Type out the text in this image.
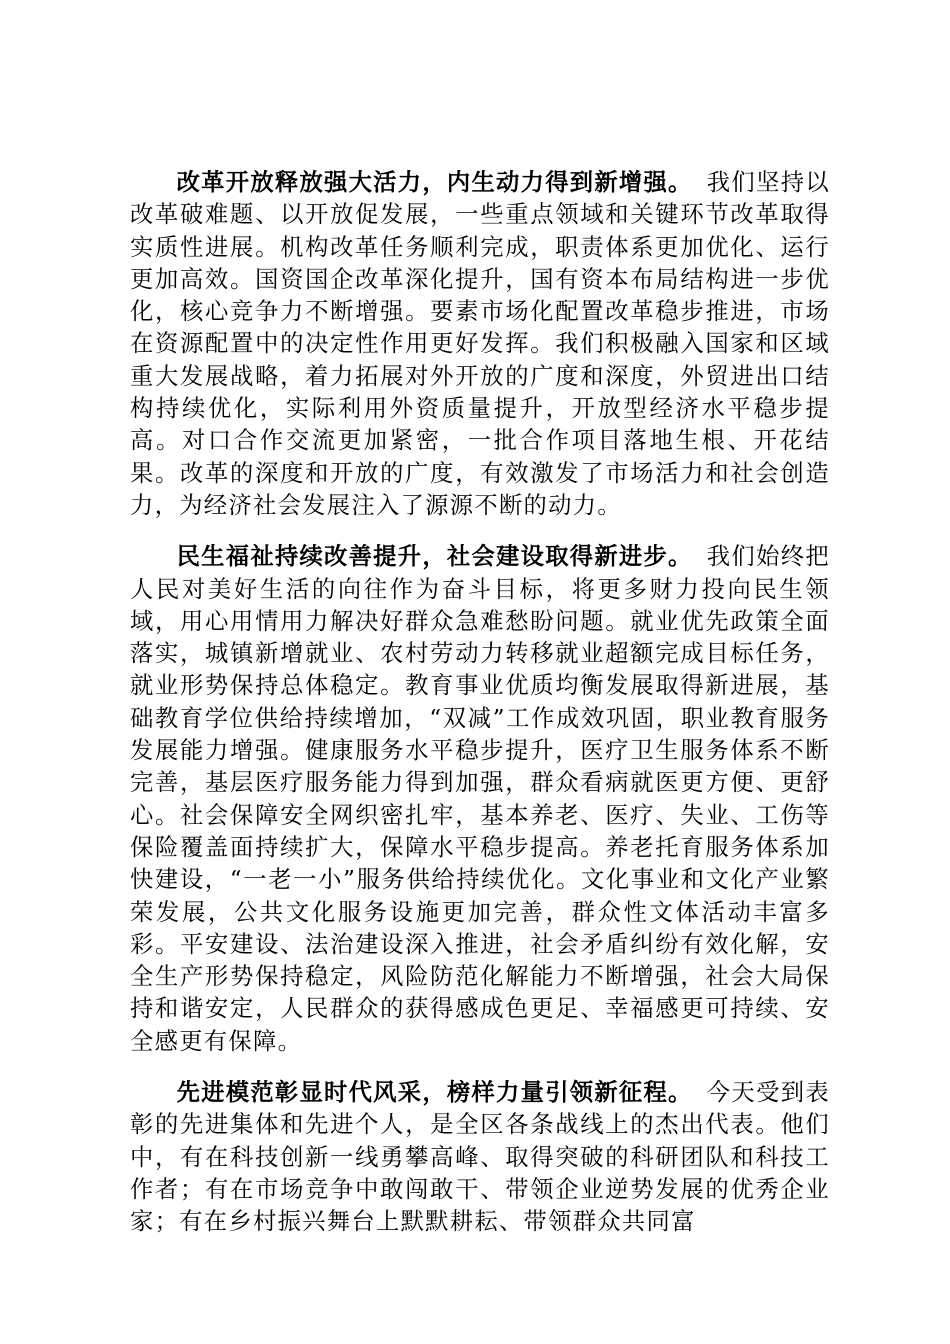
改革开放释放强大活力，内生动力得到新增强。 我们坚持以改革破难题、以开放促发展，一些重点领域和关键环节改革取得实质性进展。机构改革任务顺利完成，职责体系更加优化、运行更加高效。国资国企改革深化提升，国有资本布局结构进一步优化，核心竞争力不断增强。要素市场化配置改革稳步推进，市场在资源配置中的决定性作用更好发挥。我们积极融入国家和区域重大发展战略，着力拓展对外开放的广度和深度，外贸进出口结构持续优化，实际利用外资质量提升，开放型经济水平稳步提高。对口合作交流更加紧密，一批合作项目落地生根、开花结果。改革的深度和开放的广度，有效激发了市场活力和社会创造力，为经济社会发展注入了源源不断的动力。

民生福祉持续改善提升，社会建设取得新进步。 我们始终把人民对美好生活的向往作为奋斗目标，将更多财力投向民生领域，用心用情用力解决好群众急难愁盼问题。就业优先政策全面落实，城镇新增就业、农村劳动力转移就业超额完成目标任务，就业形势保持总体稳定。教育事业优质均衡发展取得新进展，基础教育学位供给持续增加，“双减”工作成效巩固，职业教育服务发展能力增强。健康服务水平稳步提升，医疗卫生服务体系不断完善，基层医疗服务能力得到加强，群众看病就医更方便、更舒心。社会保障安全网织密扎牢，基本养老、医疗、失业、工伤等保险覆盖面持续扩大，保障水平稳步提高。养老托育服务体系加快建设，“一老一小”服务供给持续优化。文化事业和文化产业繁荣发展，公共文化服务设施更加完善，群众性文体活动丰富多彩。平安建设、法治建设深入推进，社会矛盾纠纷有效化解，安全生产形势保持稳定，风险防范化解能力不断增强，社会大局保持和谐安定，人民群众的获得感成色更足、幸福感更可持续、安全感更有保障。

先进模范彰显时代风采，榜样力量引领新征程。 今天受到表彰的先进集体和先进个人，是全区各条战线上的杰出代表。他们中，有在科技创新一线勇攀高峰、取得突破的科研团队和科技工作者；有在市场竞争中敢闯敢干、带领企业逆势发展的优秀企业家；有在乡村振兴舞台上默默耕耘、带领群众共同富
